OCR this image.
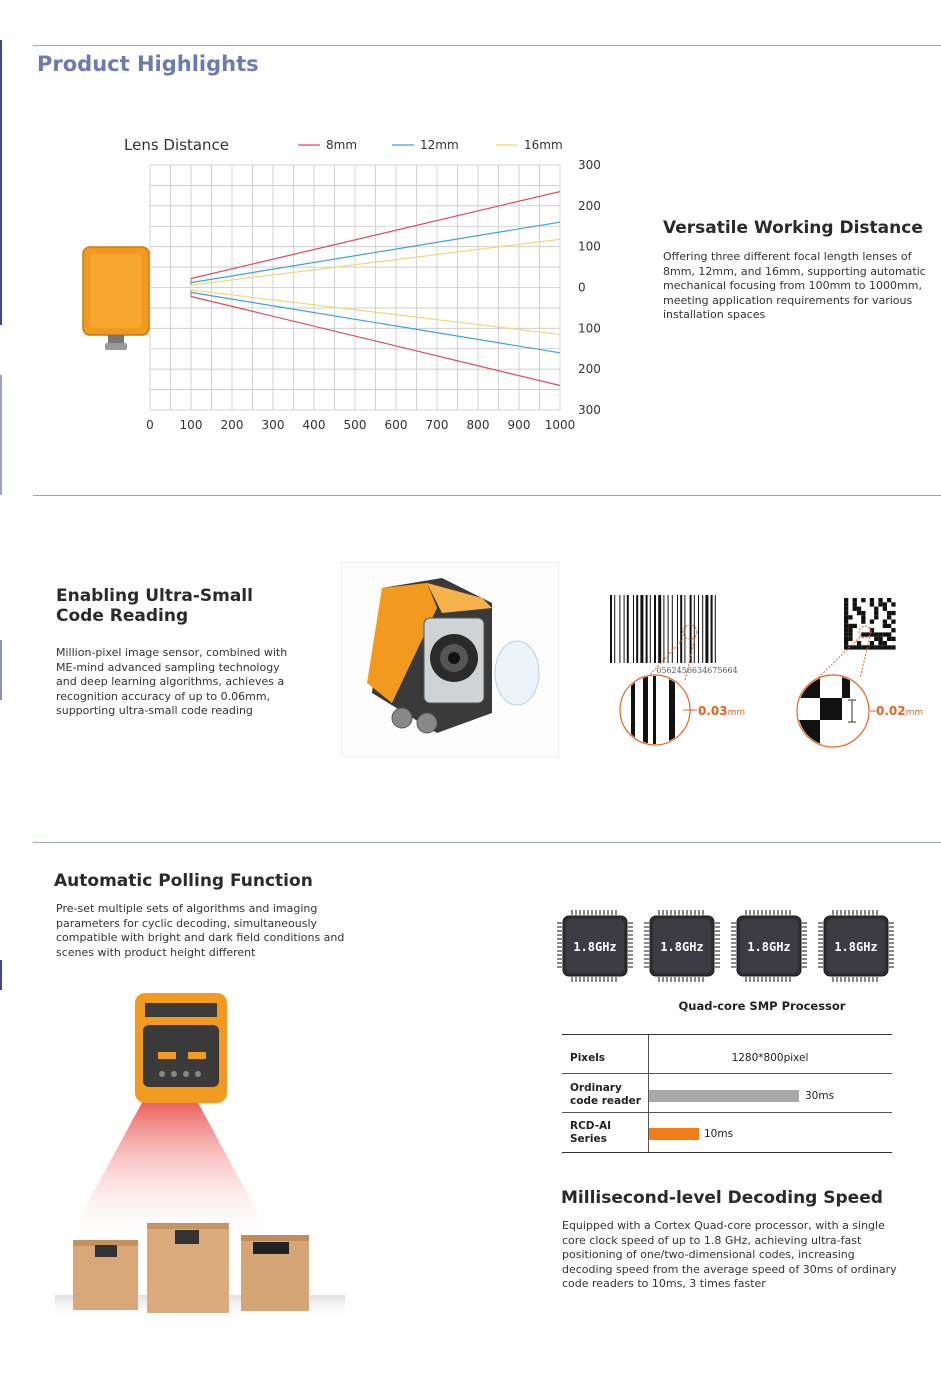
Product Highlights
Lens Distance	8mm	12mm	16mm
0 100 200 300 400 500 600 700 800 900 1000
300
200
100
0
100
200
300
Versatile Working Distance
Offering three different focal length lenses of
8mm, 12mm, and 16mm, supporting automatic
mechanical focusing from 100mm to 1000mm,
meeting application requirements for various
installation spaces
Enabling Ultra-Small
Code Reading
Million-pixel image sensor, combined with
ME-mind advanced sampling technology
and deep learning algorithms, achieves a
recognition accuracy of up to 0.06mm,
supporting ultra-small code reading
0562456634675664
0.03mm	0.02mm
Automatic Polling Function
Pre-set multiple sets of algorithms and imaging
parameters for cyclic decoding, simultaneously
compatible with bright and dark field conditions and
scenes with product height different	1.8GHz	1.8GHz	1.8GHz	1.8GHz
Quad-core SMP Processor
Pixels	1280*800pixel
Ordinary
code reader	30ms
RCD-AI
Series	10ms
Millisecond-level Decoding Speed
Equipped with a Cortex Quad-core processor, with a single
core clock speed of up to 1.8 GHz, achieving ultra-fast
positioning of one/two-dimensional codes, increasing
decoding speed from the average speed of 30ms of ordinary
code readers to 10ms, 3 times faster
